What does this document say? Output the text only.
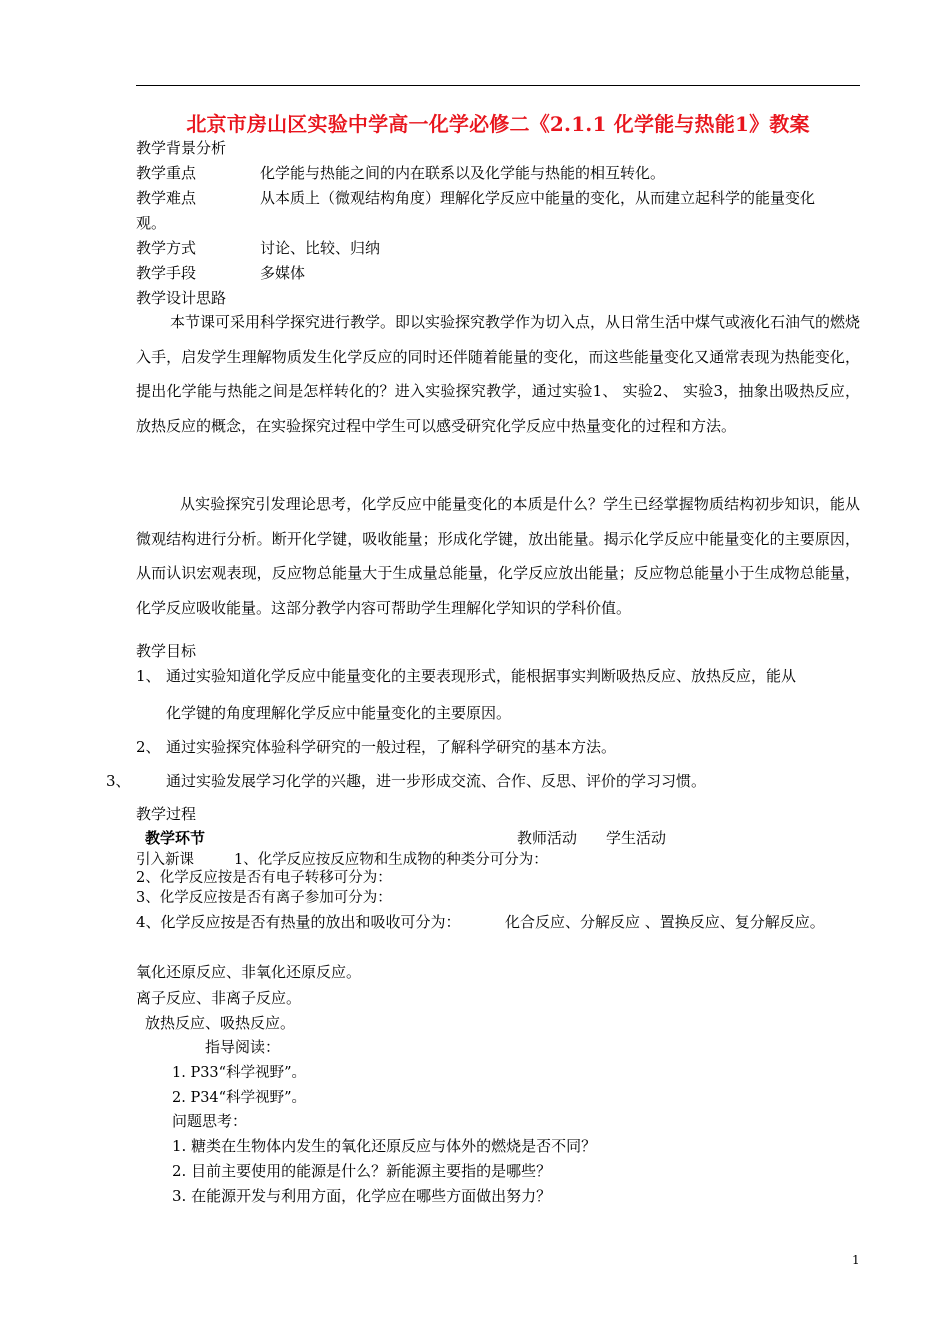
北京市房山区实验中学高一化学必修二《2.1.1 化学能与热能1》教案
教学背景分析
教学重点	化学能与热能之间的内在联系以及化学能与热能的相互转化。
教学难点	从本质上（微观结构角度）理解化学反应中能量的变化，从而建立起科学的能量变化
观。
教学方式	讨论、比较、归纳
教学手段	多媒体
教学设计思路
本节课可采用科学探究进行教学。即以实验探究教学作为切入点，从日常生活中煤气或液化石油气的燃烧入手，启发学生理解物质发生化学反应的同时还伴随着能量的变化，而这些能量变化又通常表现为热能变化，提出化学能与热能之间是怎样转化的？进入实验探究教学，通过实验1、 实验2、 实验3，抽象出吸热反应，放热反应的概念，在实验探究过程中学生可以感受研究化学反应中热量变化的过程和方法。
从实验探究引发理论思考，化学反应中能量变化的本质是什么？学生已经掌握物质结构初步知识，能从微观结构进行分析。断开化学键，吸收能量；形成化学键，放出能量。揭示化学反应中能量变化的主要原因，从而认识宏观表现，反应物总能量大于生成量总能量，化学反应放出能量；反应物总能量小于生成物总能量，化学反应吸收能量。这部分教学内容可帮助学生理解化学知识的学科价值。
教学目标
1、 通过实验知道化学反应中能量变化的主要表现形式，能根据事实判断吸热反应、放热反应，能从
化学键的角度理解化学反应中能量变化的主要原因。
2、 通过实验探究体验科学研究的一般过程，了解科学研究的基本方法。
3、 通过实验发展学习化学的兴趣，进一步形成交流、合作、反思、评价的学习习惯。
教学过程
教学环节	教师活动 学生活动
引入新课	1、化学反应按反应物和生成物的种类分可分为：
2、化学反应按是否有电子转移可分为：
3、化学反应按是否有离子参加可分为：
4、化学反应按是否有热量的放出和吸收可分为：	化合反应、分解反应 、置换反应、复分解反应。
氧化还原反应、非氧化还原反应。
离子反应、非离子反应。
放热反应、吸热反应。
指导阅读：
1. P33“科学视野”。
2. P34“科学视野”。
问题思考：
1. 糖类在生物体内发生的氧化还原反应与体外的燃烧是否不同？
2. 目前主要使用的能源是什么？新能源主要指的是哪些？
3. 在能源开发与利用方面，化学应在哪些方面做出努力？
1
